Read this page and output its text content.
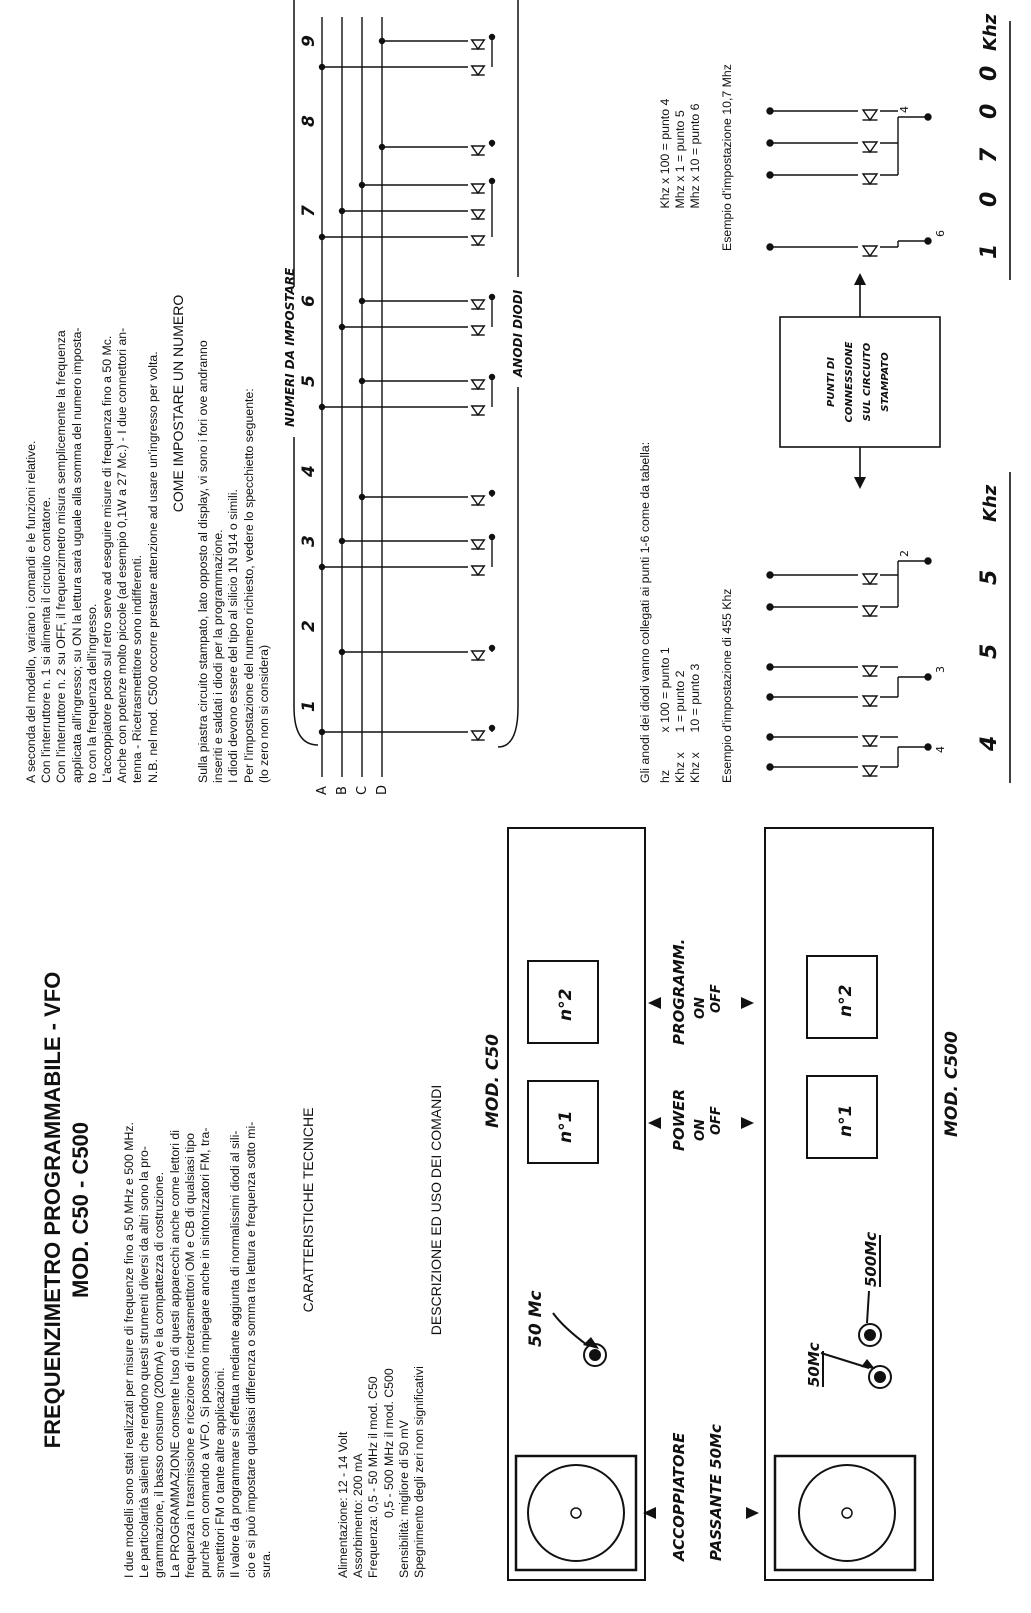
FREQUENZIMETRO PROGRAMMABILE - VFO MOD. C50 - C500 I due modelli sono stati realizzati per misure di frequenze fino a 50 MHz e 500 MHz. Le particolarità salienti che rendono questi strumenti diversi da altri sono la pro- grammazione, il basso consumo (200mA) e la compattezza di costruzione. La PROGRAMMAZIONE consente l'uso di questi apparecchi anche come lettori di frequenza in trasmissione e ricezione di ricetrasmettitori OM e CB di qualsiasi tipo purchè con comando a VFO. Si possono impiegare anche in sintonizzatori FM, tra- smettitori FM o tante altre applicazioni. Il valore da programmare si effettua mediante aggiunta di normalissimi diodi al sili- cio e si può impostare qualsiasi differenza o somma tra lettura e frequenza sotto mi- sura.

CARATTERISTICHE TECNICHE
Alimentazione: 12 - 14 Volt Assorbimento: 200 mA Frequenza: 0,5 - 50 MHz il mod. C50 0,5 - 500 MHz il mod. C500 Sensibilità: migliore di 50 mV Spegnimento degli zeri non significativi
DESCRIZIONE ED USO DEI COMANDI
MOD. C50
50 Mc
n°1
n°2
ACCOPPIATORE
POWER ON OFF
PROGRAMM. ON OFF
PASSANTE 50Mc
50Mc
500Mc
n°1
n°2
MOD. C500

A seconda del modello, variano i comandi e le funzioni relative. Con l'interruttore n. 1 si alimenta il circuito contatore. Con l'interruttore n. 2 su OFF, il frequenzimetro misura semplicemente la frequenza applicata all'ingresso; su ON la lettura sarà uguale alla somma del numero imposta- to con la frequenza dell'ingresso. L'accoppiatore posto sul retro serve ad eseguire misure di frequenza fino a 50 Mc. Anche con potenze molto piccole (ad esempio 0,1W a 27 Mc.) - I due connettori an- tenna - Ricetrasmettitore sono indifferenti. N.B. nel mod. C500 occorre prestare attenzione ad usare un'ingresso per volta. COME IMPOSTARE UN NUMERO Sulla piastra circuito stampato, lato opposto al display, vi sono i fori ove andranno inseriti e saldati i diodi per la programmazione. I diodi devono essere del tipo al silicio 1N 914 o simili. Per l'impostazione del numero richiesto, vedere lo specchietto seguente: (lo zero non si considera)

NUMERI DA IMPOSTARE	ANODI DIODI
1
2
3
4
5
6
7
8
9
A B C D
Gli anodi dei diodi vanno collegati ai punti 1-6 come da tabella: hz	x 100 = punto 1	Khz x 100 = punto 4
Khz x	1 = punto 2	Mhz x 1 = punto 5
Khz x	10 = punto 3	Mhz x 10 = punto 6
Esempio d'impostazione di 455 Khz
Esempio d'impostazione 10,7 Mhz
PUNTI DI CONNESSIONE SUL CIRCUITO STAMPATO
4
5
5
Khz
1
0
7
0
0
Khz
4
3
2
6
4
